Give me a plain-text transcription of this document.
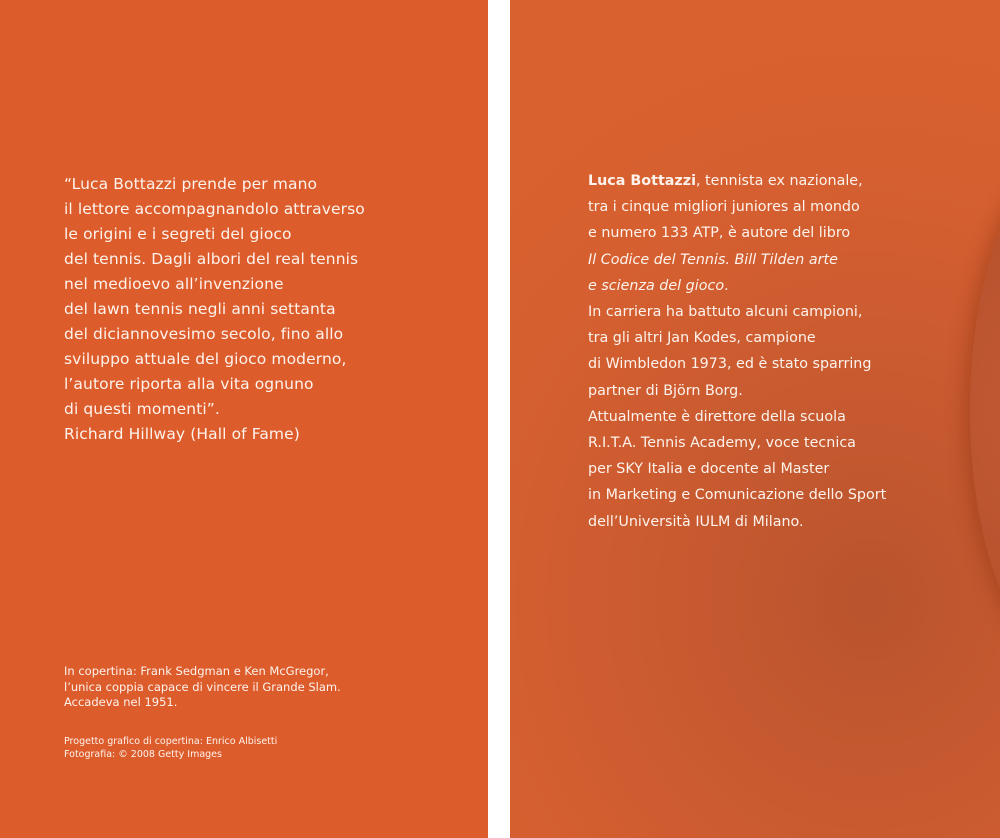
“Luca Bottazzi prende per mano
il lettore accompagnandolo attraverso
le origini e i segreti del gioco
del tennis. Dagli albori del real tennis
nel medioevo all’invenzione
del lawn tennis negli anni settanta
del diciannovesimo secolo, fino allo
sviluppo attuale del gioco moderno,
l’autore riporta alla vita ognuno
di questi momenti”.
Richard Hillway (Hall of Fame)
In copertina: Frank Sedgman e Ken McGregor,
l’unica coppia capace di vincere il Grande Slam.
Accadeva nel 1951.
Progetto grafico di copertina: Enrico Albisetti
Fotografia: © 2008 Getty Images
Luca Bottazzi, tennista ex nazionale,
tra i cinque migliori juniores al mondo
e numero 133 ATP, è autore del libro
Il Codice del Tennis. Bill Tilden arte
e scienza del gioco.
In carriera ha battuto alcuni campioni,
tra gli altri Jan Kodes, campione
di Wimbledon 1973, ed è stato sparring
partner di Björn Borg.
Attualmente è direttore della scuola
R.I.T.A. Tennis Academy, voce tecnica
per SKY Italia e docente al Master
in Marketing e Comunicazione dello Sport
dell’Università IULM di Milano.
